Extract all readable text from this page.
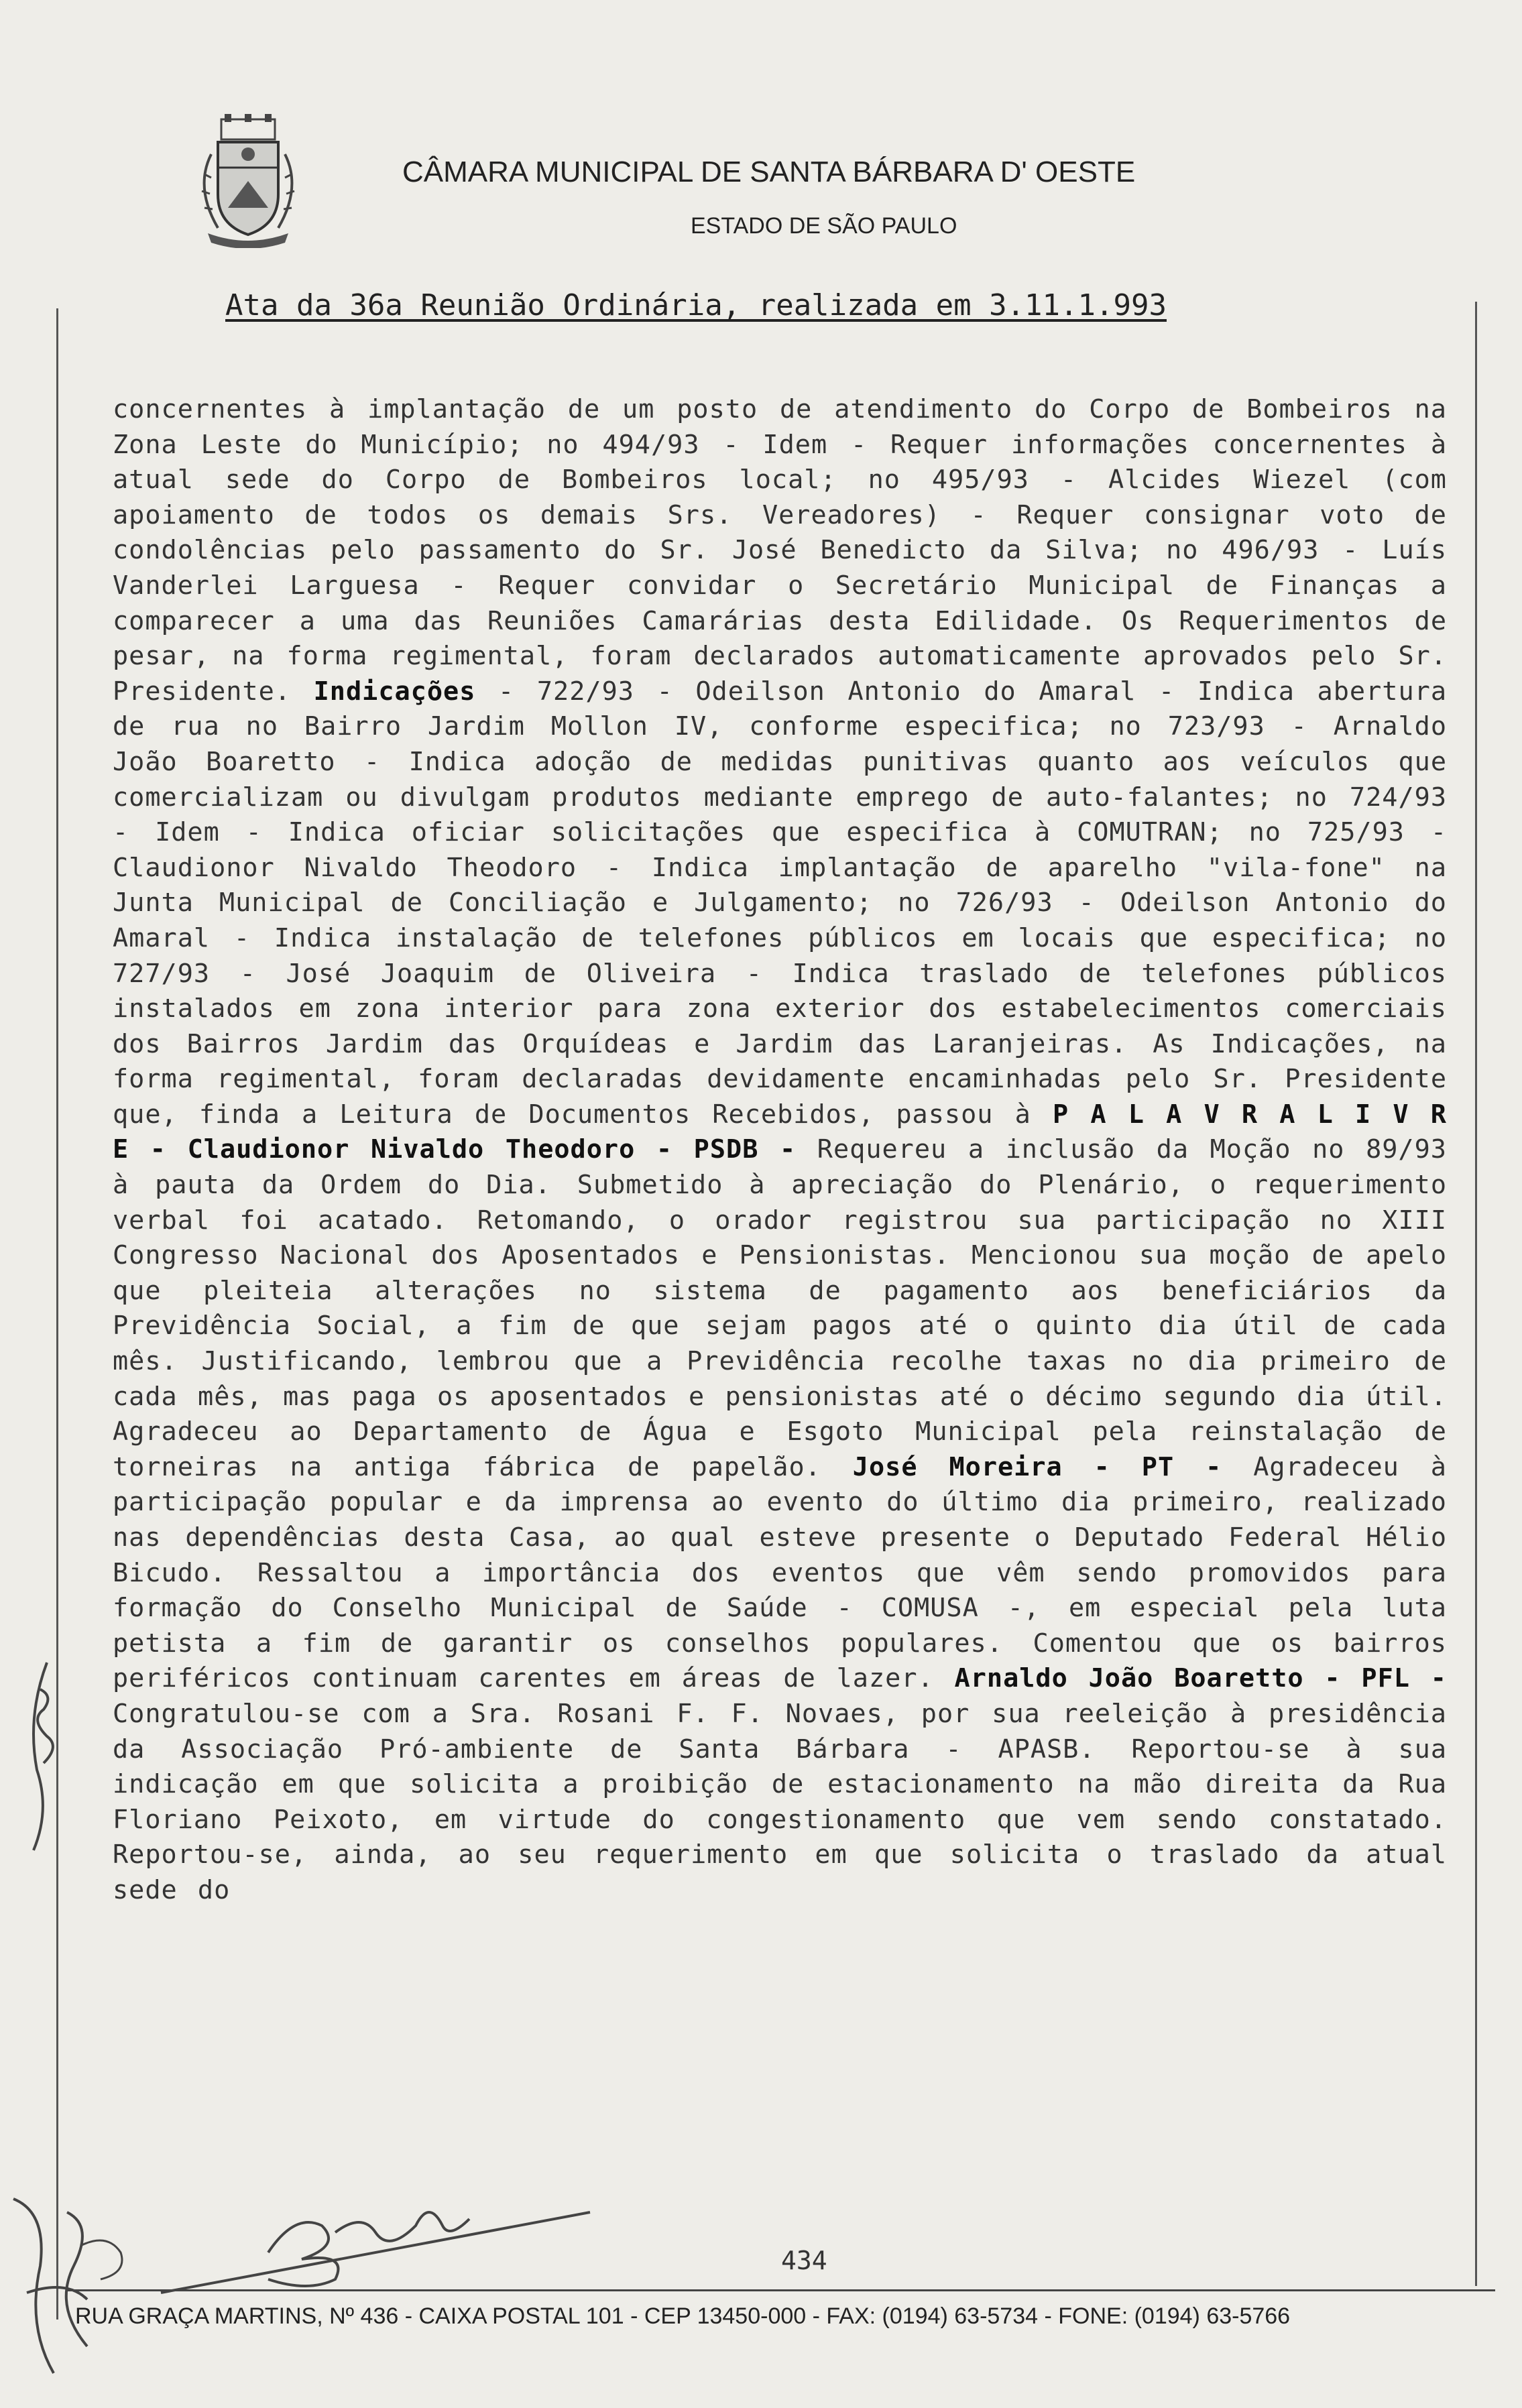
CÂMARA MUNICIPAL DE SANTA BÁRBARA D' OESTE
ESTADO DE SÃO PAULO
Ata da 36a Reunião Ordinária, realizada em 3.11.1.993
concernentes à implantação de um posto de atendimento do Corpo de Bombeiros na Zona Leste do Município; no 494/93 - Idem - Requer informações concernentes à atual sede do Corpo de Bombeiros local; no 495/93 - Alcides Wiezel (com apoiamento de todos os demais Srs. Vereadores) - Requer consignar voto de condolências pelo passamento do Sr. José Benedicto da Silva; no 496/93 - Luís Vanderlei Larguesa - Requer convidar o Secretário Municipal de Finanças a comparecer a uma das Reuniões Camarárias desta Edilidade. Os Requerimentos de pesar, na forma regimental, foram declarados automaticamente aprovados pelo Sr. Presidente. Indicações - 722/93 - Odeilson Antonio do Amaral - Indica abertura de rua no Bairro Jardim Mollon IV, conforme especifica; no 723/93 - Arnaldo João Boaretto - Indica adoção de medidas punitivas quanto aos veículos que comercializam ou divulgam produtos mediante emprego de auto-falantes; no 724/93 - Idem - Indica oficiar solicitações que especifica à COMUTRAN; no 725/93 - Claudionor Nivaldo Theodoro - Indica implantação de aparelho "vila-fone" na Junta Municipal de Conciliação e Julgamento; no 726/93 - Odeilson Antonio do Amaral - Indica instalação de telefones públicos em locais que especifica; no 727/93 - José Joaquim de Oliveira - Indica traslado de telefones públicos instalados em zona interior para zona exterior dos estabelecimentos comerciais dos Bairros Jardim das Orquídeas e Jardim das Laranjeiras. As Indicações, na forma regimental, foram declaradas devidamente encaminhadas pelo Sr. Presidente que, finda a Leitura de Documentos Recebidos, passou à P A L A V R A L I V R E - Claudionor Nivaldo Theodoro - PSDB - Requereu a inclusão da Moção no 89/93 à pauta da Ordem do Dia. Submetido à apreciação do Plenário, o requerimento verbal foi acatado. Retomando, o orador registrou sua participação no XIII Congresso Nacional dos Aposentados e Pensionistas. Mencionou sua moção de apelo que pleiteia alterações no sistema de pagamento aos beneficiários da Previdência Social, a fim de que sejam pagos até o quinto dia útil de cada mês. Justificando, lembrou que a Previdência recolhe taxas no dia primeiro de cada mês, mas paga os aposentados e pensionistas até o décimo segundo dia útil. Agradeceu ao Departamento de Água e Esgoto Municipal pela reinstalação de torneiras na antiga fábrica de papelão. José Moreira - PT - Agradeceu à participação popular e da imprensa ao evento do último dia primeiro, realizado nas dependências desta Casa, ao qual esteve presente o Deputado Federal Hélio Bicudo. Ressaltou a importância dos eventos que vêm sendo promovidos para formação do Conselho Municipal de Saúde - COMUSA -, em especial pela luta petista a fim de garantir os conselhos populares. Comentou que os bairros periféricos continuam carentes em áreas de lazer. Arnaldo João Boaretto - PFL - Congratulou-se com a Sra. Rosani F. F. Novaes, por sua reeleição à presidência da Associação Pró-ambiente de Santa Bárbara - APASB. Reportou-se à sua indicação em que solicita a proibição de estacionamento na mão direita da Rua Floriano Peixoto, em virtude do congestionamento que vem sendo constatado. Reportou-se, ainda, ao seu requerimento em que solicita o traslado da atual sede do
434
RUA GRAÇA MARTINS, Nº 436 - CAIXA POSTAL 101 - CEP 13450-000 - FAX: (0194) 63-5734 - FONE: (0194) 63-5766
